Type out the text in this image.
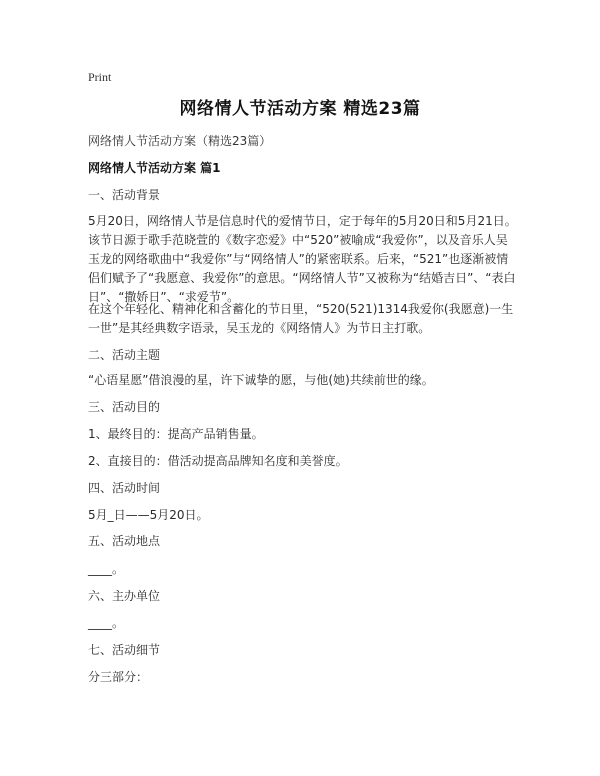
Print
网络情人节活动方案 精选23篇
网络情人节活动方案（精选23篇）
网络情人节活动方案 篇1
一、活动背景
5月20日，网络情人节是信息时代的爱情节日，定于每年的5月20日和5月21日。该节日源于歌手范晓萱的《数字恋爱》中“520”被喻成“我爱你”，以及音乐人吴玉龙的网络歌曲中“我爱你”与“网络情人”的紧密联系。后来，“521”也逐渐被情侣们赋予了“我愿意、我爱你”的意思。“网络情人节”又被称为“结婚吉日”、“表白日”、“撒娇日”、“求爱节”。
在这个年轻化、精神化和含蓄化的节日里，“520(521)1314我爱你(我愿意)一生一世”是其经典数字语录，吴玉龙的《网络情人》为节日主打歌。
二、活动主题
“心语星愿”借浪漫的星，许下诚挚的愿，与他(她)共续前世的缘。
三、活动目的
1、最终目的：提高产品销售量。
2、直接目的：借活动提高品牌知名度和美誉度。
四、活动时间
5月_日——5月20日。
五、活动地点
____。
六、主办单位
____。
七、活动细节
分三部分：
